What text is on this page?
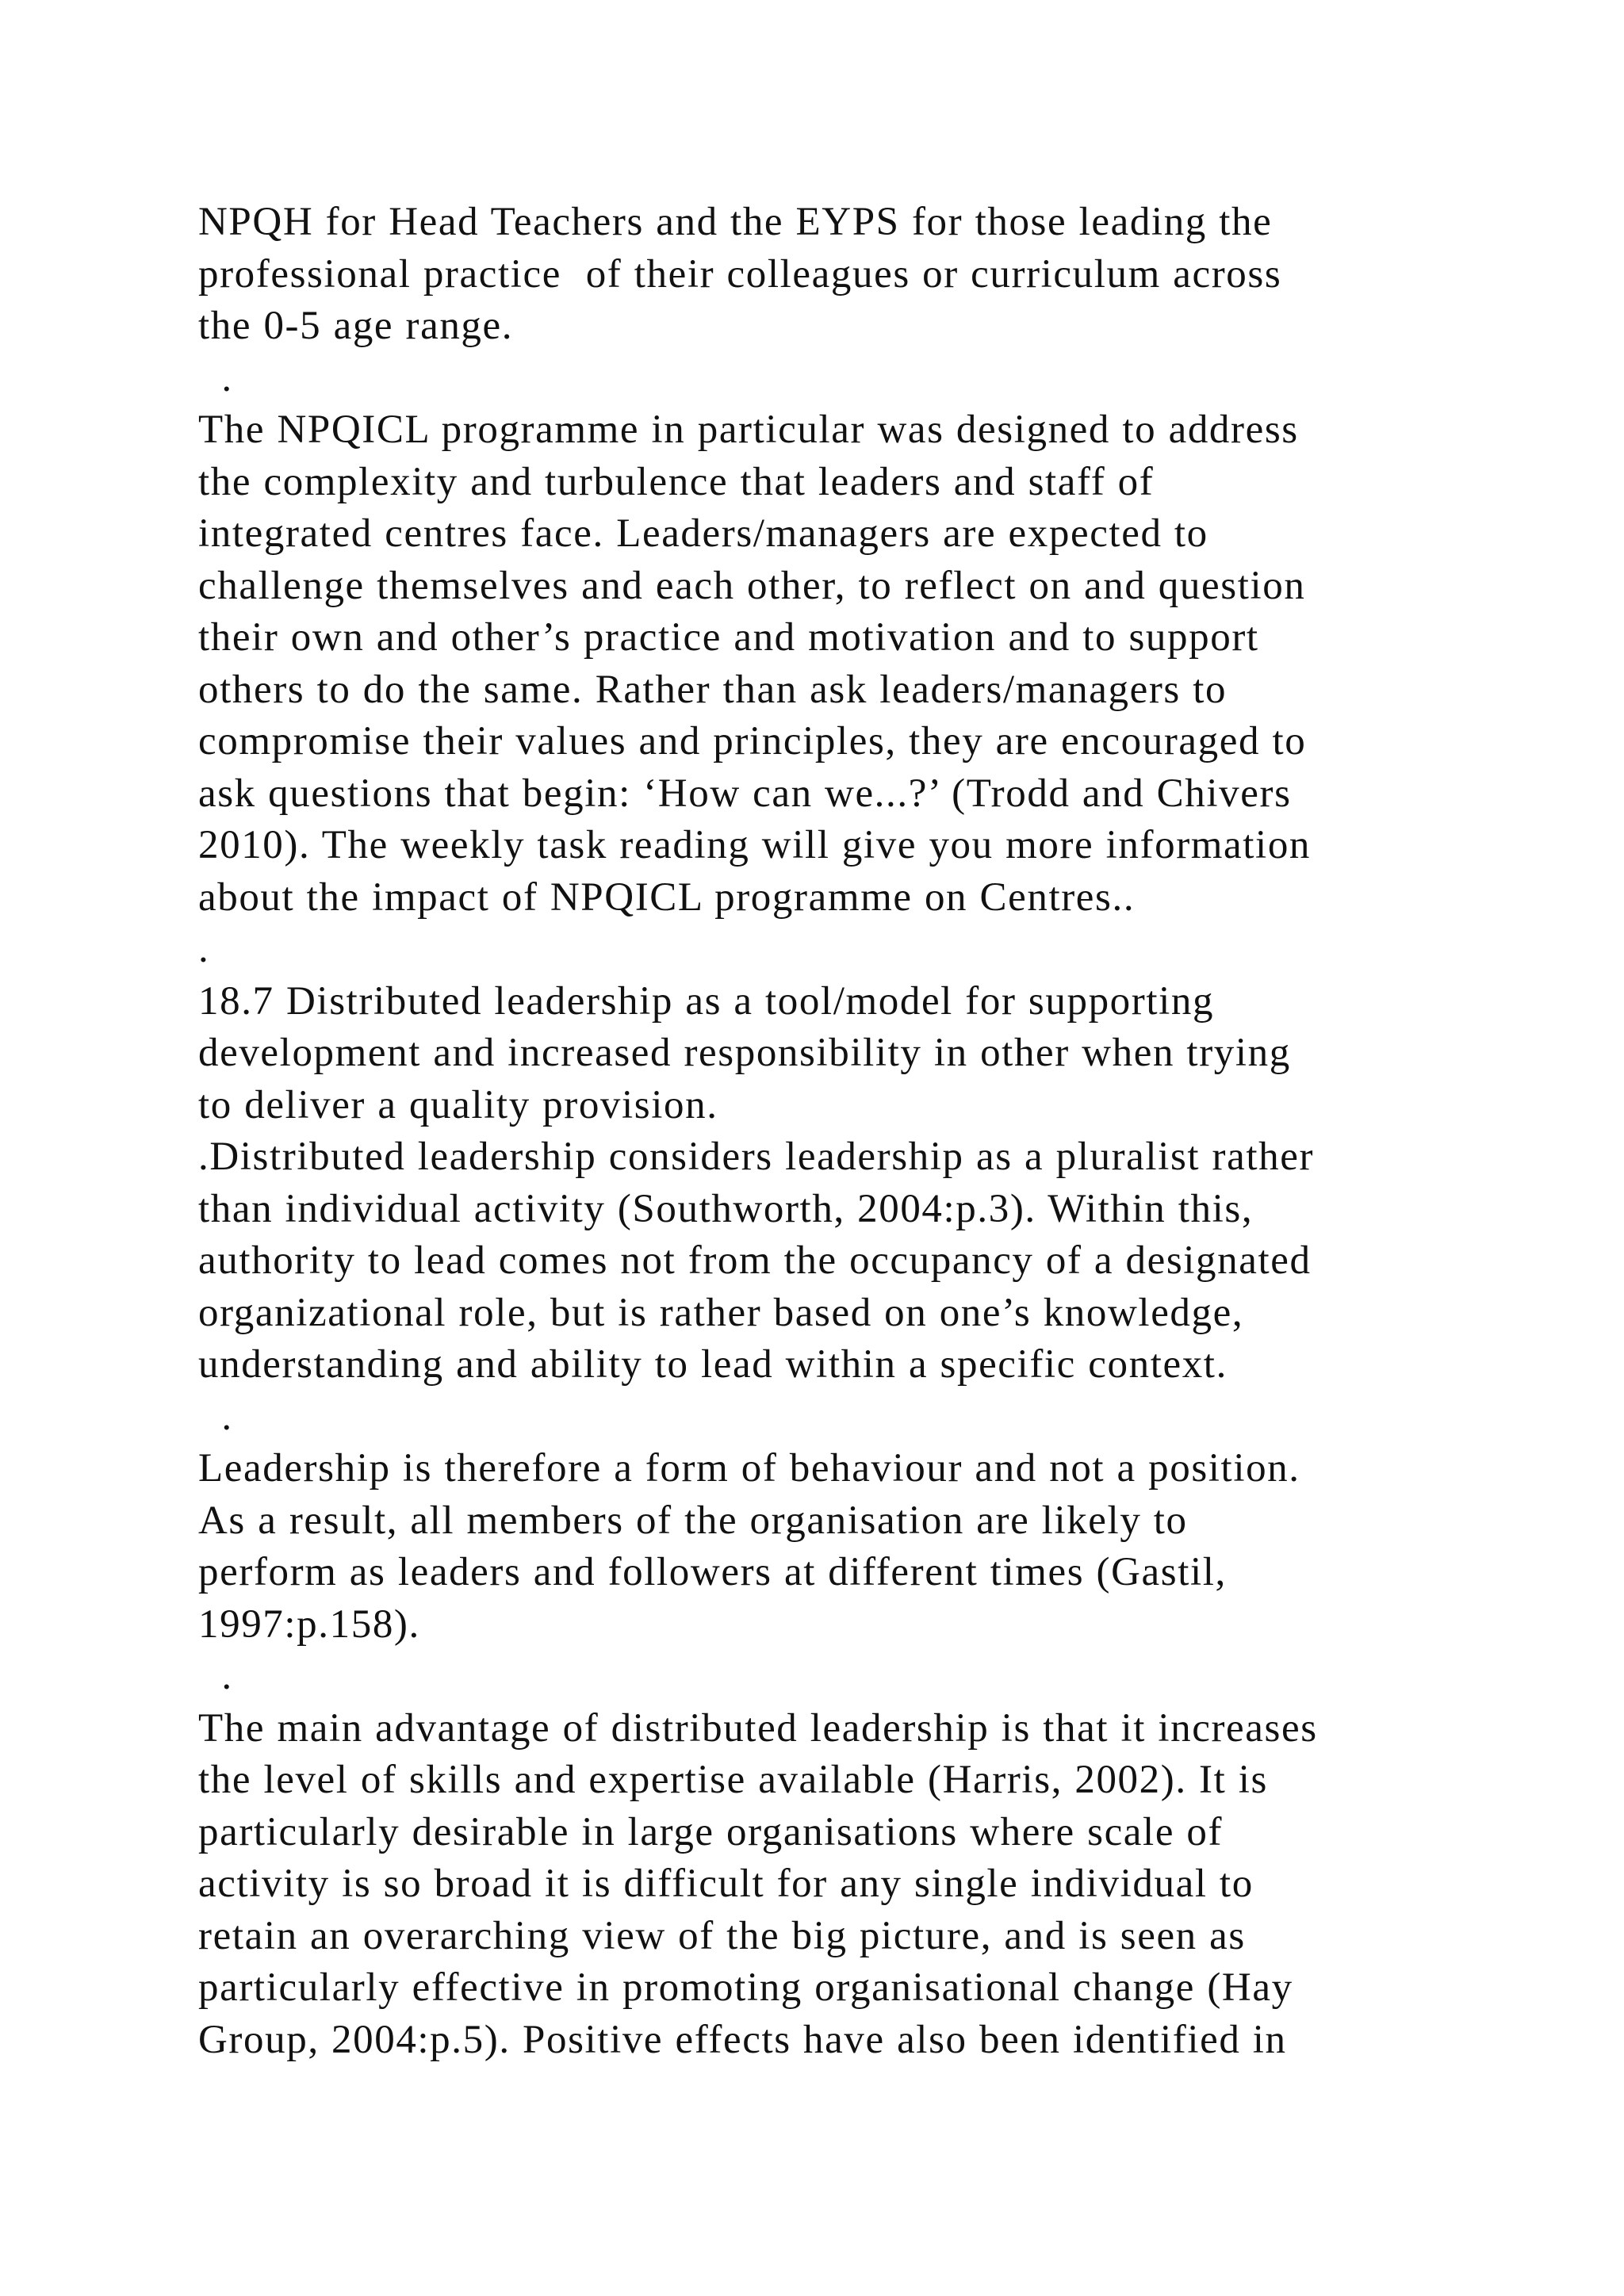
NPQH for Head Teachers and the EYPS for those leading the
professional practice  of their colleagues or curriculum across
the 0-5 age range.
.
The NPQICL programme in particular was designed to address
the complexity and turbulence that leaders and staff of
integrated centres face. Leaders/managers are expected to
challenge themselves and each other, to reflect on and question
their own and other’s practice and motivation and to support
others to do the same. Rather than ask leaders/managers to
compromise their values and principles, they are encouraged to
ask questions that begin: ‘How can we...?’ (Trodd and Chivers
2010). The weekly task reading will give you more information
about the impact of NPQICL programme on Centres..
.
18.7 Distributed leadership as a tool/model for supporting
development and increased responsibility in other when trying
to deliver a quality provision.
.Distributed leadership considers leadership as a pluralist rather
than individual activity (Southworth, 2004:p.3). Within this,
authority to lead comes not from the occupancy of a designated
organizational role, but is rather based on one’s knowledge,
understanding and ability to lead within a specific context.
.
Leadership is therefore a form of behaviour and not a position.
As a result, all members of the organisation are likely to
perform as leaders and followers at different times (Gastil,
1997:p.158).
.
The main advantage of distributed leadership is that it increases
the level of skills and expertise available (Harris, 2002). It is
particularly desirable in large organisations where scale of
activity is so broad it is difficult for any single individual to
retain an overarching view of the big picture, and is seen as
particularly effective in promoting organisational change (Hay
Group, 2004:p.5). Positive effects have also been identified in
